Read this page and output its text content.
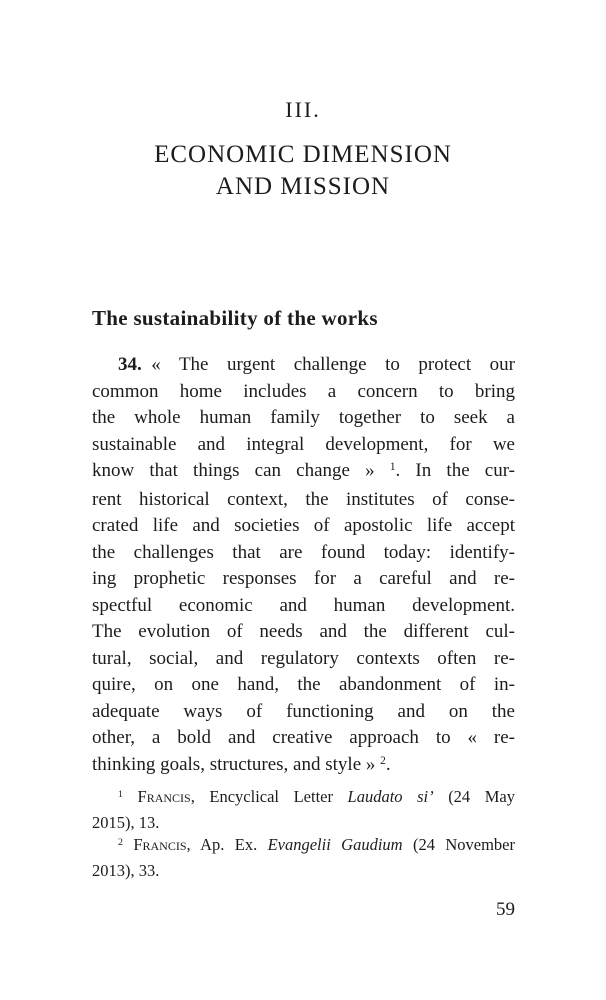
III.
ECONOMIC DIMENSION
AND MISSION
The sustainability of the works
34. « The urgent challenge to protect our
common home includes a concern to bring
the whole human family together to seek a
sustainable and integral development, for we
know that things can change » $^1$. In the cur-
rent historical context, the institutes of conse-
crated life and societies of apostolic life accept
the challenges that are found today: identify-
ing prophetic responses for a careful and re-
spectful economic and human development.
The evolution of needs and the different cul-
tural, social, and regulatory contexts often re-
quire, on one hand, the abandonment of in-
adequate ways of functioning and on the
other, a bold and creative approach to « re-
thinking goals, structures, and style » $^2$.
$^1$ Francis, Encyclical Letter Laudato si’ (24 May
2015), 13.
$^2$ Francis, Ap. Ex. Evangelii Gaudium (24 November
2013), 33.
59
